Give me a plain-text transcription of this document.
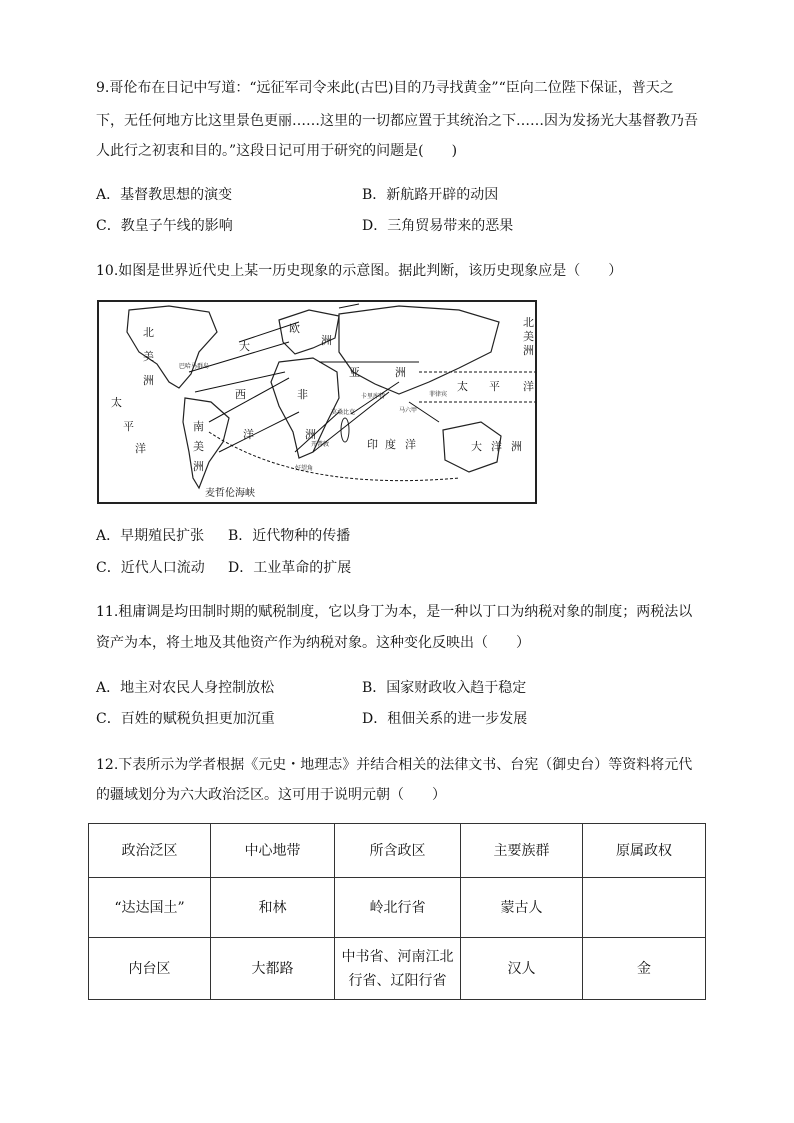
9.哥伦布在日记中写道：“远征军司令来此(古巴)目的乃寻找黄金”“臣向二位陛下保证，普天之
下，无任何地方比这里景色更丽……这里的一切都应置于其统治之下……因为发扬光大基督教乃吾
人此行之初衷和目的。”这段日记可用于研究的问题是(　　)
A．基督教思想的演变	B．新航路开辟的动因
C．教皇子午线的影响	D．三角贸易带来的恶果
10.如图是世界近代史上某一历史现象的示意图。据此判断，该历史现象应是（　　）
北
美
洲
太
平
洋
大
西
洋
南
美
洲
欧
洲
非
洲
亚	洲
印 度 洋
北
美
洲
太 平 洋
大 洋 洲
麦哲伦海峡
巴哈马群岛
开普敦
莫桑比克
卡里库特
马六甲
好望角
菲律宾
A．早期殖民扩张 B．近代物种的传播
C．近代人口流动 D．工业革命的扩展
11.租庸调是均田制时期的赋税制度，它以身丁为本，是一种以丁口为纳税对象的制度；两税法以
资产为本，将土地及其他资产作为纳税对象。这种变化反映出（　　）
A．地主对农民人身控制放松	B．国家财政收入趋于稳定
C．百姓的赋税负担更加沉重	D．租佃关系的进一步发展
12.下表所示为学者根据《元史・地理志》并结合相关的法律文书、台宪（御史台）等资料将元代
的疆域划分为六大政治泛区。这可用于说明元朝（　　）
政治泛区	中心地带	所含政区	主要族群	原属政权
“达达国土”	和林	岭北行省	蒙古人	
内台区	大都路	中书省、河南江北行省、辽阳行省	汉人	金
